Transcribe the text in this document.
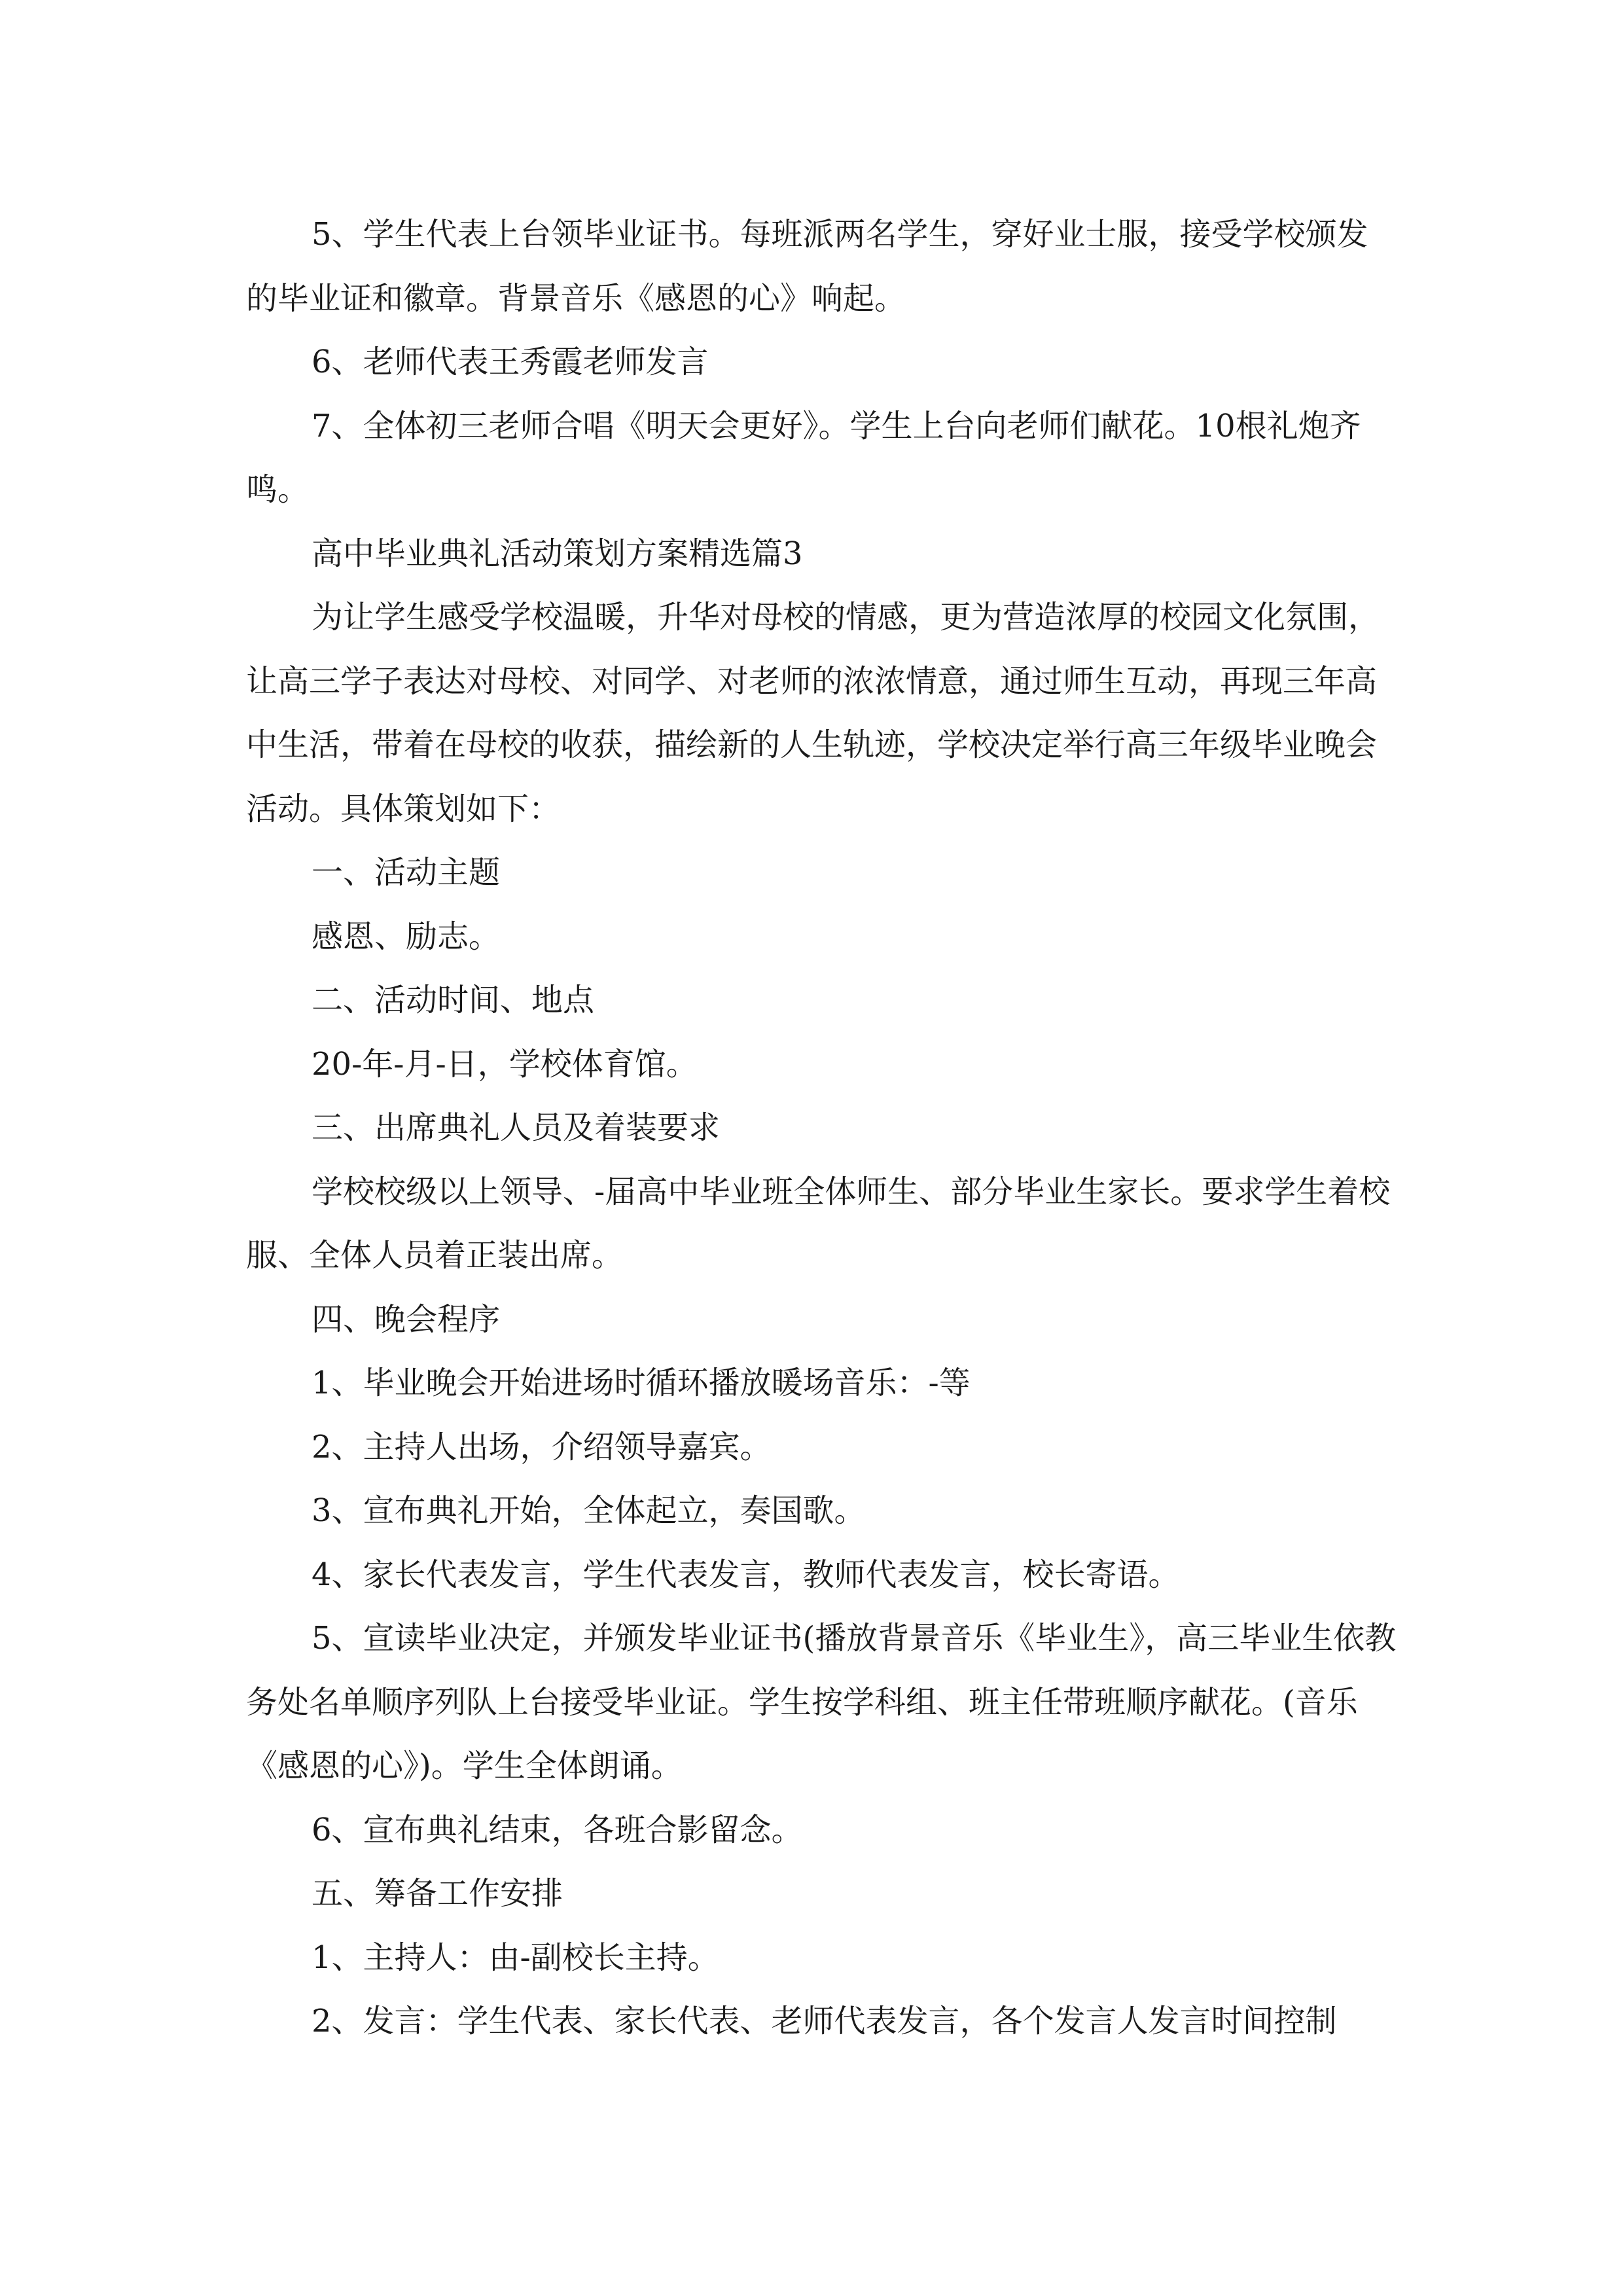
5、学生代表上台领毕业证书。每班派两名学生，穿好业士服，接受学校颁发的毕业证和徽章。背景音乐《感恩的心》响起。

6、老师代表王秀霞老师发言

7、全体初三老师合唱《明天会更好》。学生上台向老师们献花。10根礼炮齐鸣。

高中毕业典礼活动策划方案精选篇3

为让学生感受学校温暖，升华对母校的情感，更为营造浓厚的校园文化氛围，让高三学子表达对母校、对同学、对老师的浓浓情意，通过师生互动，再现三年高中生活，带着在母校的收获，描绘新的人生轨迹，学校决定举行高三年级毕业晚会活动。具体策划如下：

一、活动主题

感恩、励志。

二、活动时间、地点

20-年-月-日，学校体育馆。

三、出席典礼人员及着装要求

学校校级以上领导、-届高中毕业班全体师生、部分毕业生家长。要求学生着校服、全体人员着正装出席。

四、晚会程序

1、毕业晚会开始进场时循环播放暖场音乐：-等

2、主持人出场，介绍领导嘉宾。

3、宣布典礼开始，全体起立，奏国歌。

4、家长代表发言，学生代表发言，教师代表发言，校长寄语。

5、宣读毕业决定，并颁发毕业证书(播放背景音乐《毕业生》，高三毕业生依教务处名单顺序列队上台接受毕业证。学生按学科组、班主任带班顺序献花。(音乐《感恩的心》)。学生全体朗诵。

6、宣布典礼结束，各班合影留念。

五、筹备工作安排

1、主持人：由-副校长主持。

2、发言：学生代表、家长代表、老师代表发言，各个发言人发言时间控制
